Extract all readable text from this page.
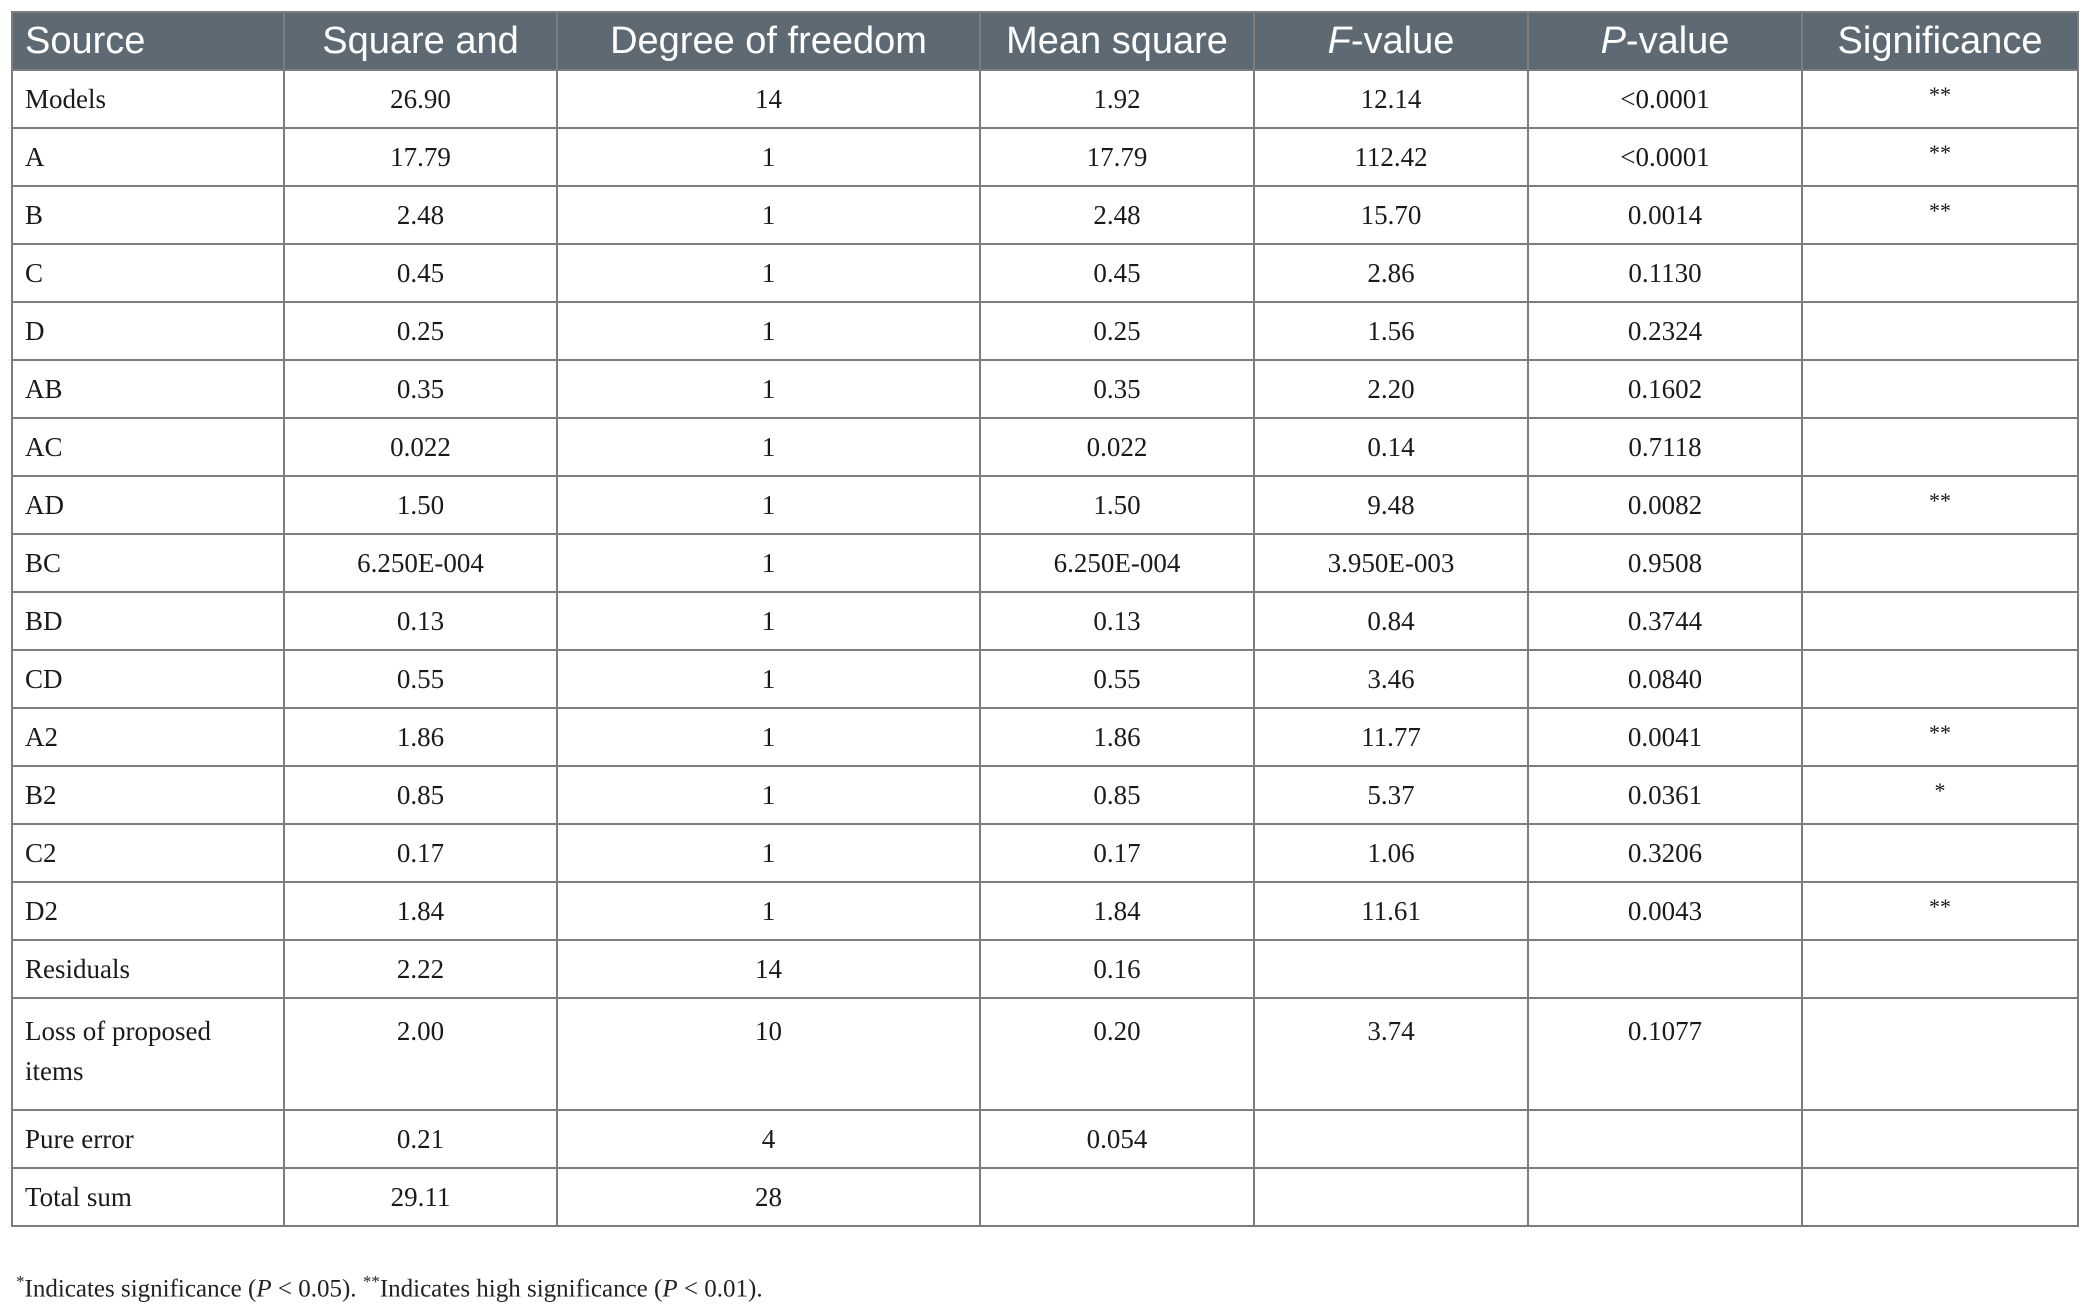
Source	Square and	Degree of freedom	Mean square	F-value	P-value	Significance
Models	26.90	14	1.92	12.14	<0.0001	**
A	17.79	1	17.79	112.42	<0.0001	**
B	2.48	1	2.48	15.70	0.0014	**
C	0.45	1	0.45	2.86	0.1130	
D	0.25	1	0.25	1.56	0.2324	
AB	0.35	1	0.35	2.20	0.1602	
AC	0.022	1	0.022	0.14	0.7118	
AD	1.50	1	1.50	9.48	0.0082	**
BC	6.250E-004	1	6.250E-004	3.950E-003	0.9508	
BD	0.13	1	0.13	0.84	0.3744	
CD	0.55	1	0.55	3.46	0.0840	
A2	1.86	1	1.86	11.77	0.0041	**
B2	0.85	1	0.85	5.37	0.0361	*
C2	0.17	1	0.17	1.06	0.3206	
D2	1.84	1	1.84	11.61	0.0043	**
Residuals	2.22	14	0.16			
Loss of proposed items	2.00	10	0.20	3.74	0.1077	
Pure error	0.21	4	0.054			
Total sum	29.11	28				
*Indicates significance (P < 0.05). **Indicates high significance (P < 0.01).
